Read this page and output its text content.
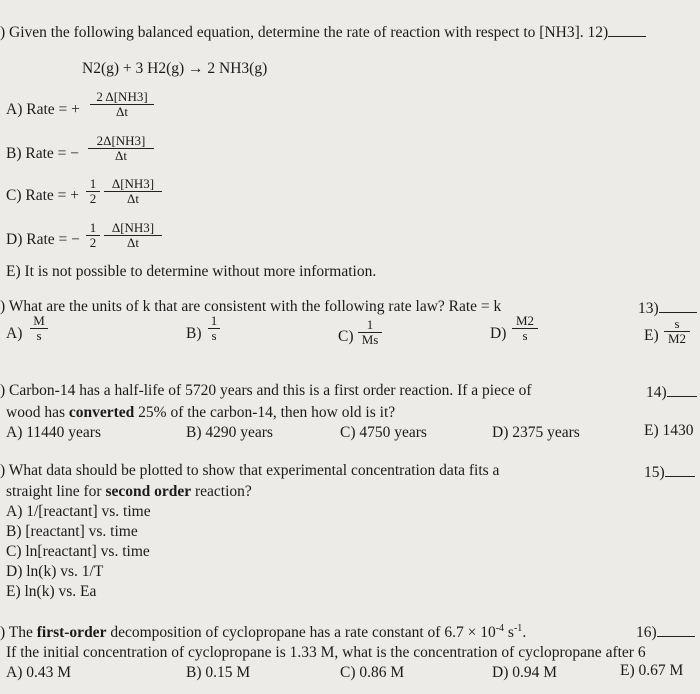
) Given the following balanced equation, determine the rate of reaction with respect to [NH3]. 12)
N2(g) + 3 H2(g) → 2 NH3(g)
A) Rate = +
2 Δ[NH3]
Δt
B) Rate = −
2Δ[NH3]
Δt
C) Rate = +
1
2
Δ[NH3]
Δt
D) Rate = −
1
2
Δ[NH3]
Δt
E) It is not possible to determine without more information.
) What are the units of k that are consistent with the following rate law? Rate = k	13)
A)
M
s	B)
1
s	C)
1
Ms	D)
M2
s	E)
s
M2
) Carbon-14 has a half-life of 5720 years and this is a first order reaction. If a piece of	14)
wood has converted 25% of the carbon-14, then how old is it?
A) 11440 years	B) 4290 years	C) 4750 years	D) 2375 years	E) 1430
) What data should be plotted to show that experimental concentration data fits a	15)
straight line for second order reaction?
A) 1/[reactant] vs. time
B) [reactant] vs. time
C) ln[reactant] vs. time
D) ln(k) vs. 1/T
E) ln(k) vs. Ea
) The first-order decomposition of cyclopropane has a rate constant of $6.7 \times 10^{-4}$ $s^{-1}$.	16)
If the initial concentration of cyclopropane is 1.33 M, what is the concentration of cyclopropane after 6
A) 0.43 M	B) 0.15 M	C) 0.86 M	D) 0.94 M	E) 0.67 M
